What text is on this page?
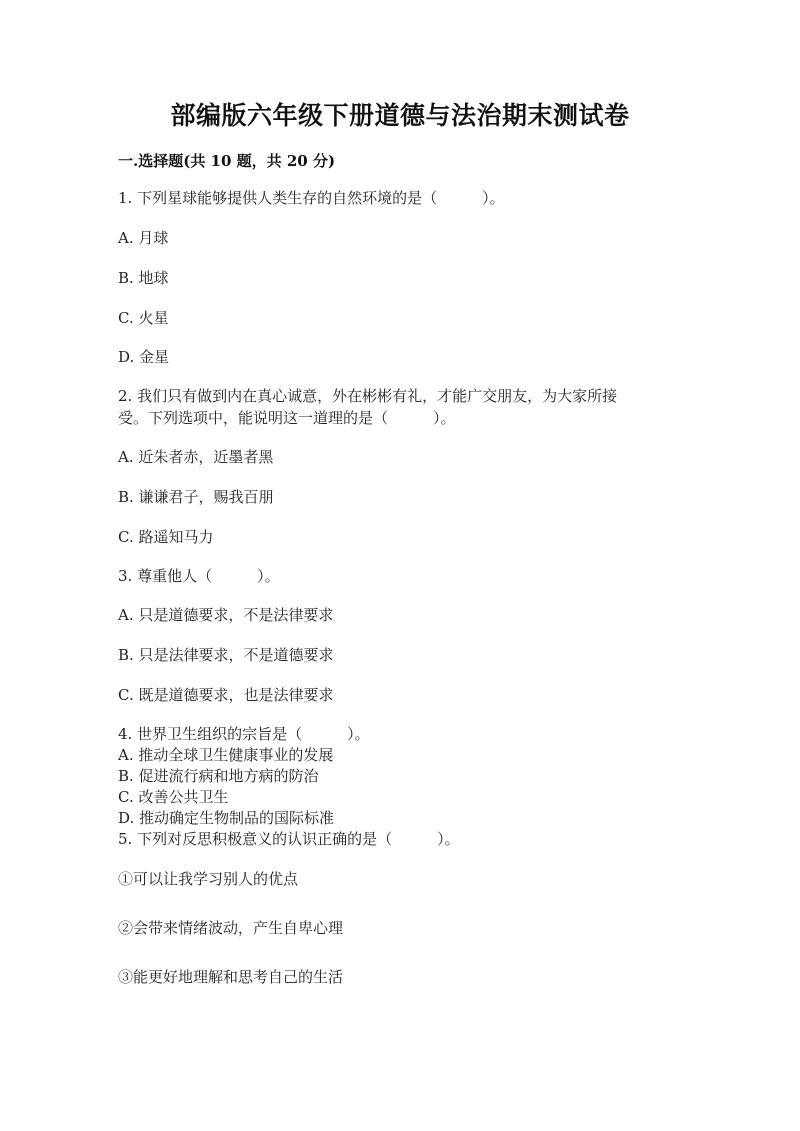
部编版六年级下册道德与法治期末测试卷
一.选择题(共 10 题，共 20 分)
1. 下列星球能够提供人类生存的自然环境的是（　　　）。
A. 月球
B. 地球
C. 火星
D. 金星
2. 我们只有做到内在真心诚意，外在彬彬有礼，才能广交朋友，为大家所接
受。下列选项中，能说明这一道理的是（　　　）。
A. 近朱者赤，近墨者黑
B. 谦谦君子，赐我百朋
C. 路遥知马力
3. 尊重他人（　　　）。
A. 只是道德要求，不是法律要求
B. 只是法律要求，不是道德要求
C. 既是道德要求，也是法律要求
4. 世界卫生组织的宗旨是（　　　）。
A. 推动全球卫生健康事业的发展
B. 促进流行病和地方病的防治
C. 改善公共卫生
D. 推动确定生物制品的国际标准
5. 下列对反思积极意义的认识正确的是（　　　）。
①可以让我学习别人的优点
②会带来情绪波动，产生自卑心理
③能更好地理解和思考自己的生活
